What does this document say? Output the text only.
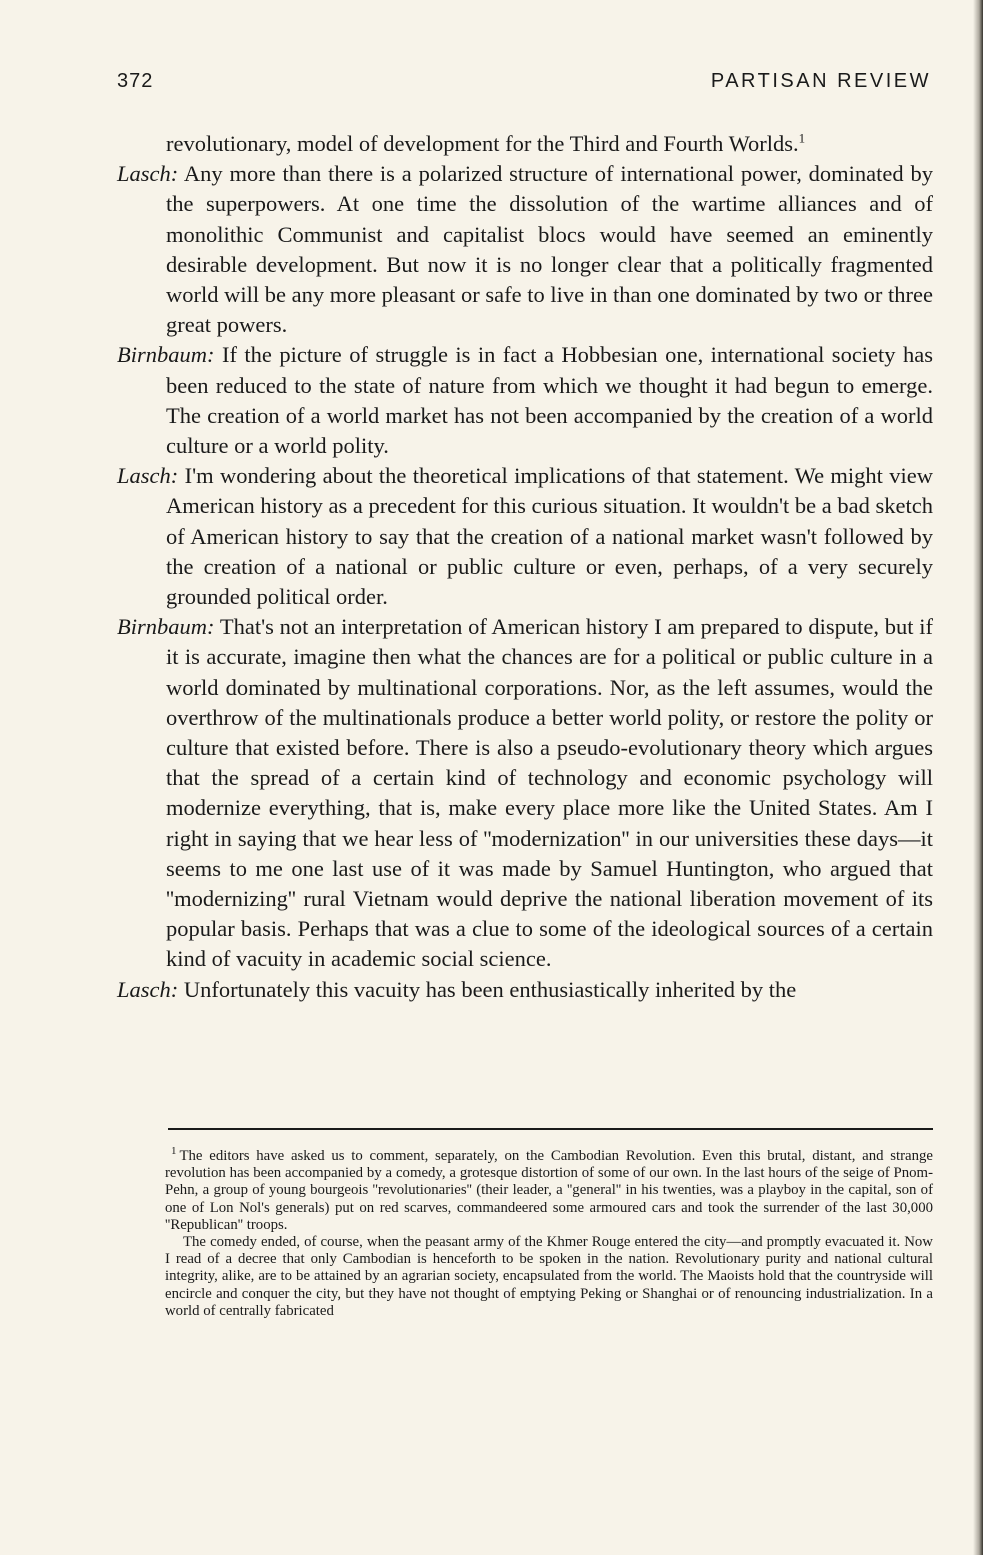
372	PARTISAN REVIEW

revolutionary, model of development for the Third and Fourth Worlds.$^1$

Lasch: Any more than there is a polarized structure of international power, dominated by the superpowers. At one time the dissolution of the wartime alliances and of monolithic Communist and capitalist blocs would have seemed an eminently desirable development. But now it is no longer clear that a politically fragmented world will be any more pleasant or safe to live in than one dominated by two or three great powers.

Birnbaum: If the picture of struggle is in fact a Hobbesian one, international society has been reduced to the state of nature from which we thought it had begun to emerge. The creation of a world market has not been accompanied by the creation of a world culture or a world polity.

Lasch: I'm wondering about the theoretical implications of that statement. We might view American history as a precedent for this curious situation. It wouldn't be a bad sketch of American history to say that the creation of a national market wasn't followed by the creation of a national or public culture or even, perhaps, of a very securely grounded political order.

Birnbaum: That's not an interpretation of American history I am prepared to dispute, but if it is accurate, imagine then what the chances are for a political or public culture in a world dominated by multinational corporations. Nor, as the left assumes, would the overthrow of the multinationals produce a better world polity, or restore the polity or culture that existed before. There is also a pseudo-evolutionary theory which argues that the spread of a certain kind of technology and economic psychology will modernize everything, that is, make every place more like the United States. Am I right in saying that we hear less of ''modernization'' in our universities these days—it seems to me one last use of it was made by Samuel Huntington, who argued that ''modernizing'' rural Vietnam would deprive the national liberation movement of its popular basis. Perhaps that was a clue to some of the ideological sources of a certain kind of vacuity in academic social science.

Lasch: Unfortunately this vacuity has been enthusiastically inherited by the

$^1$ The editors have asked us to comment, separately, on the Cambodian Revolution. Even this brutal, distant, and strange revolution has been accompanied by a comedy, a grotesque distortion of some of our own. In the last hours of the seige of Pnom-Pehn, a group of young bourgeois ''revolutionaries'' (their leader, a ''general'' in his twenties, was a playboy in the capital, son of one of Lon Nol's generals) put on red scarves, commandeered some armoured cars and took the surrender of the last 30,000 ''Republican'' troops.

The comedy ended, of course, when the peasant army of the Khmer Rouge entered the city—and promptly evacuated it. Now I read of a decree that only Cambodian is henceforth to be spoken in the nation. Revolutionary purity and national cultural integrity, alike, are to be attained by an agrarian society, encapsulated from the world. The Maoists hold that the countryside will encircle and conquer the city, but they have not thought of emptying Peking or Shanghai or of renouncing industrialization. In a world of centrally fabricated
